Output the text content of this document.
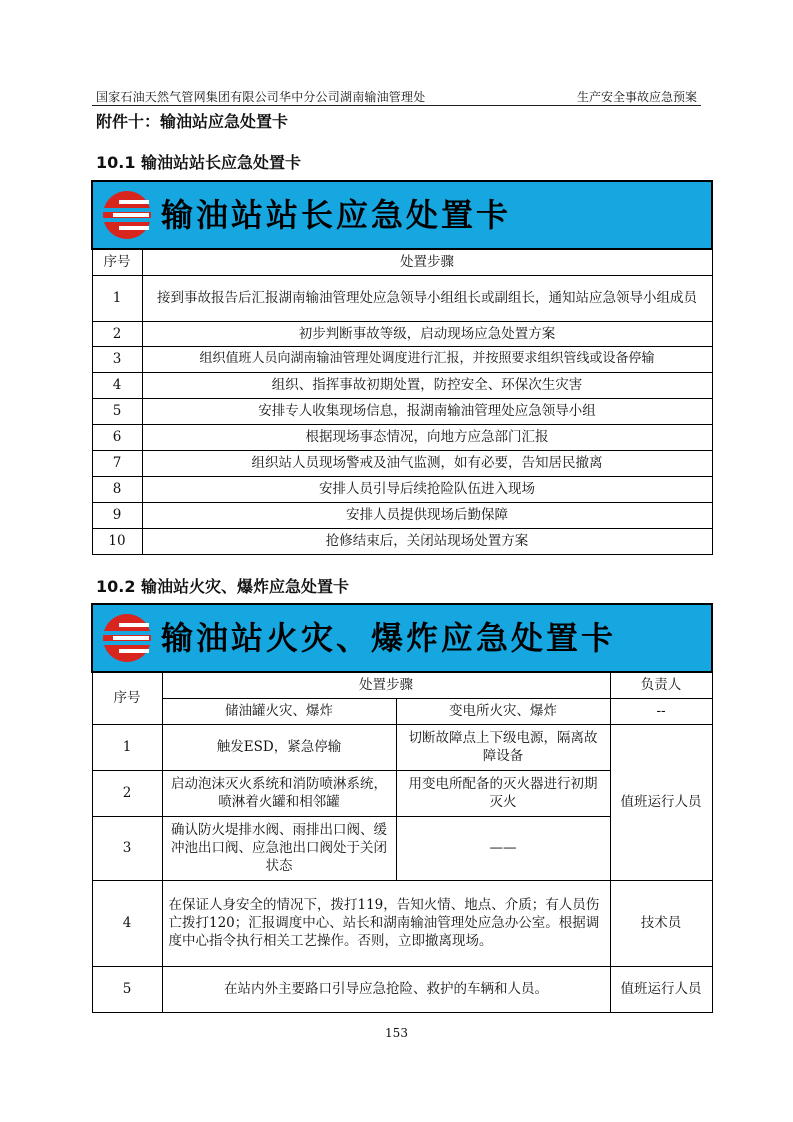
国家石油天然气管网集团有限公司华中分公司湖南输油管理处	生产安全事故应急预案
附件十：输油站应急处置卡
10.1 输油站站长应急处置卡
输油站站长应急处置卡	

序号	处置步骤
1	接到事故报告后汇报湖南输油管理处应急领导小组组长或副组长，通知站应急领导小组成员
2	初步判断事故等级，启动现场应急处置方案
3	组织值班人员向湖南输油管理处调度进行汇报，并按照要求组织管线或设备停输
4	组织、指挥事故初期处置，防控安全、环保次生灾害
5	安排专人收集现场信息，报湖南输油管理处应急领导小组
6	根据现场事态情况，向地方应急部门汇报
7	组织站人员现场警戒及油气监测，如有必要，告知居民撤离
8	安排人员引导后续抢险队伍进入现场
9	安排人员提供现场后勤保障
10	抢修结束后，关闭站现场处置方案
10.2 输油站火灾、爆炸应急处置卡
输油站火灾、爆炸应急处置卡			

序号	处置步骤		负责人
	储油罐火灾、爆炸	变电所火灾、爆炸	--
1	触发ESD，紧急停输	切断故障点上下级电源，隔离故障设备	值班运行人员
2	启动泡沫灭火系统和消防喷淋系统，喷淋着火罐和相邻罐	用变电所配备的灭火器进行初期灭火	
3	确认防火堤排水阀、雨排出口阀、缓冲池出口阀、应急池出口阀处于关闭状态	——	
4	在保证人身安全的情况下，拨打119，告知火情、地点、介质；有人员伤亡拨打120；汇报调度中心、站长和湖南输油管理处应急办公室。根据调度中心指令执行相关工艺操作。否则，立即撤离现场。		技术员
5	在站内外主要路口引导应急抢险、救护的车辆和人员。		值班运行人员
153
